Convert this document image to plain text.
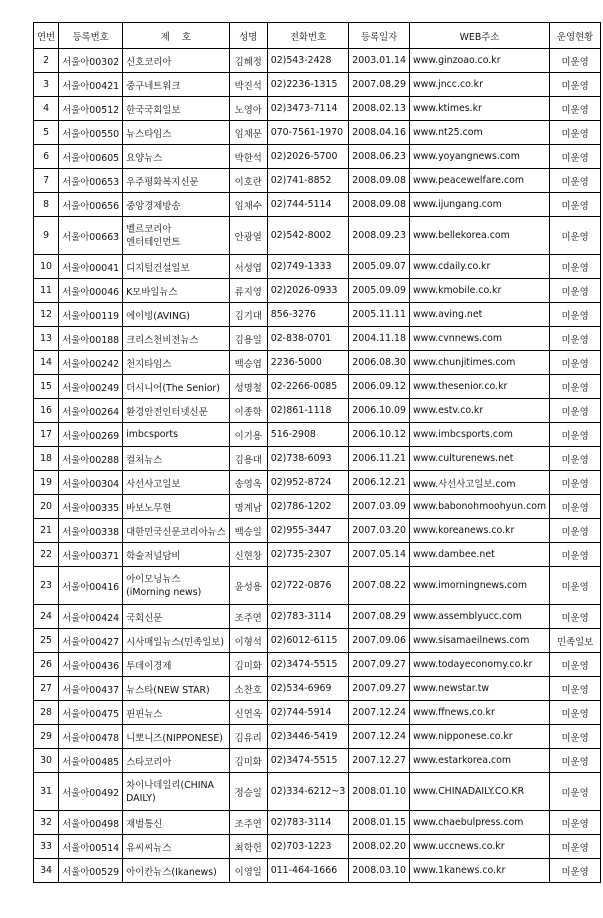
연번	등록번호	제    호	성명	전화번호	등록일자	WEB주소	운영현황
2	서울아00302	신호코리아	김혜정	02)543-2428	2003.01.14	www.ginzoao.co.kr	미운영
3	서울아00421	중구네트워크	박진석	02)2236-1315	2007.08.29	www.jncc.co.kr	미운영
4	서울아00512	한국국회일보	노영아	02)3473-7114	2008.02.13	www.ktimes.kr	미운영
5	서울아00550	뉴스타임스	임채문	070-7561-1970	2008.04.16	www.nt25.com	미운영
6	서울아00605	요양뉴스	박한석	02)2026-5700	2008.06.23	www.yoyangnews.com	미운영
7	서울아00653	우주평화복지신문	이호란	02)741-8852	2008.09.08	www.peacewelfare.com	미운영
8	서울아00656	중앙경제방송	임채수	02)744-5114	2008.09.08	www.ijungang.com	미운영
9	서울아00663	벨르코리아
엔터테인먼트	안광열	02)542-8002	2008.09.23	www.bellekorea.com	미운영
10	서울아00041	디지털건설일보	서성엽	02)749-1333	2005.09.07	www.cdaily.co.kr	미운영
11	서울아00046	K모바일뉴스	류지영	02)2026-0933	2005.09.09	www.kmobile.co.kr	미운영
12	서울아00119	에이빙(AVING)	김기대	856-3276	2005.11.11	www.aving.net	미운영
13	서울아00188	크리스천비전뉴스	김용일	02-838-0701	2004.11.18	www.cvnnews.com	미운영
14	서울아00242	천지타임스	백승엽	2236-5000	2006.08.30	www.chunjitimes.com	미운영
15	서울아00249	더시니어(The Senior)	성명철	02-2266-0085	2006.09.12	www.thesenior.co.kr	미운영
16	서울아00264	환경안전인터넷신문	이종학	02)861-1118	2006.10.09	www.estv.co.kr	미운영
17	서울아00269	imbcsports	이기용	516-2908	2006.10.12	www.imbcsports.com	미운영
18	서울아00288	컬처뉴스	김용대	02)738-6093	2006.11.21	www.culturenews.net	미운영
19	서울아00304	사선사고일보	송영옥	02)952-8724	2006.12.21	www.사선사고일보.com	미운영
20	서울아00335	바보노무현	명계남	02)786-1202	2007.03.09	www.babonohmoohyun.com	미운영
21	서울아00338	대한민국신문코리아뉴스	백승일	02)955-3447	2007.03.20	www.koreanews.co.kr	미운영
22	서울아00371	학술저널담비	신현창	02)735-2307	2007.05.14	www.dambee.net	미운영
23	서울아00416	아이모닝뉴스
(iMorning news)	윤성용	02)722-0876	2007.08.22	www.imorningnews.com	미운영
24	서울아00424	국회신문	조주연	02)783-3114	2007.08.29	www.assemblyucc.com	미운영
25	서울아00427	시사매일뉴스(민족일보)	이형석	02)6012-6115	2007.09.06	www.sisamaeilnews.com	민족일보
26	서울아00436	투데이경제	김미화	02)3474-5515	2007.09.27	www.todayeconomy.co.kr	미운영
27	서울아00437	뉴스타(NEW STAR)	소찬호	02)534-6969	2007.09.27	www.newstar.tw	미운영
28	서울아00475	핀핀뉴스	신연옥	02)744-5914	2007.12.24	www.ffnews.co.kr	미운영
29	서울아00478	니뽀니즈(NIPPONESE)	김유리	02)3446-5419	2007.12.24	www.nipponese.co.kr	미운영
30	서울아00485	스타코리아	김미화	02)3474-5515	2007.12.27	www.estarkorea.com	미운영
31	서울아00492	차이나데일리(CHINA
DAILY)	정승일	02)334-6212~3	2008.01.10	www.CHINADAILY.CO.KR	미운영
32	서울아00498	재벌통신	조주연	02)783-3114	2008.01.15	www.chaebulpress.com	미운영
33	서울아00514	유씨씨뉴스	최학헌	02)703-1223	2008.02.20	www.uccnews.co.kr	미운영
34	서울아00529	아이칸뉴스(Ikanews)	이영일	011-464-1666	2008.03.10	www.1kanews.co.kr	미운영
